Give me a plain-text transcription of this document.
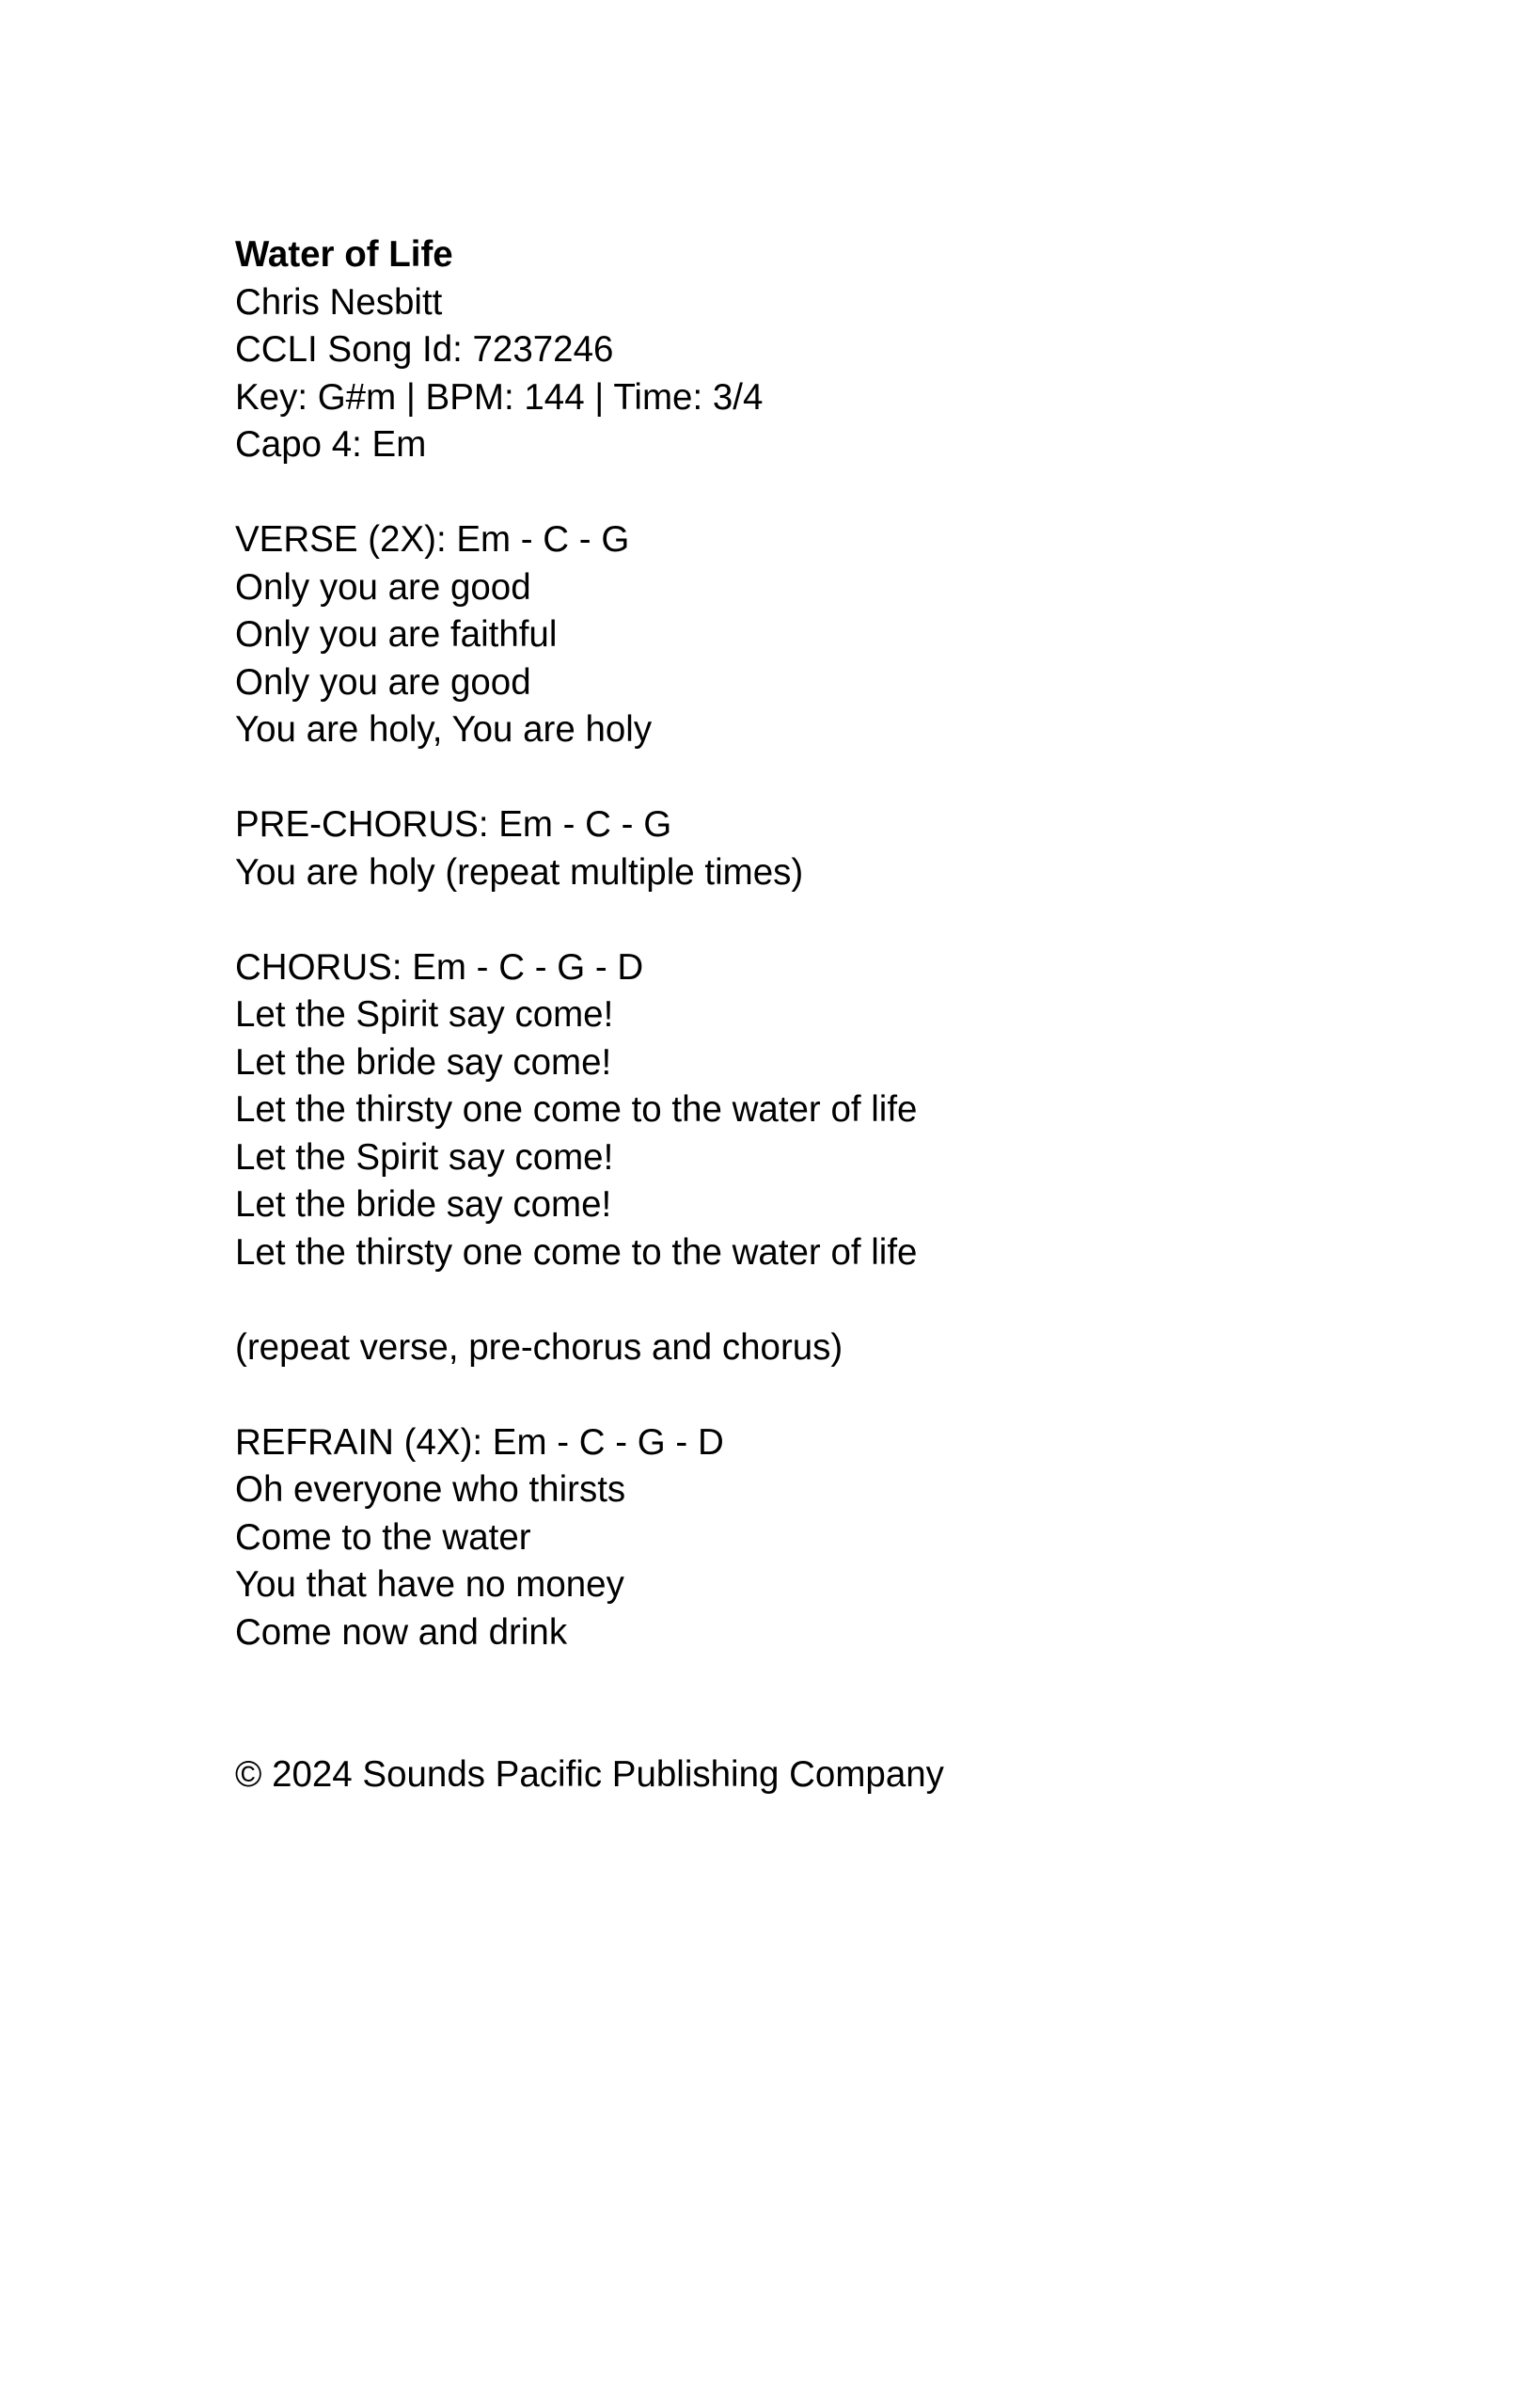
Water of Life

Chris Nesbitt

CCLI Song Id: 7237246

Key: G#m | BPM: 144 | Time: 3/4

Capo 4: Em

VERSE (2X): Em - C - G

Only you are good

Only you are faithful

Only you are good

You are holy, You are holy

PRE-CHORUS: Em - C - G

You are holy (repeat multiple times)

CHORUS: Em - C - G - D

Let the Spirit say come!

Let the bride say come!

Let the thirsty one come to the water of life

Let the Spirit say come!

Let the bride say come!

Let the thirsty one come to the water of life

(repeat verse, pre-chorus and chorus)

REFRAIN (4X): Em - C - G - D

Oh everyone who thirsts

Come to the water

You that have no money

Come now and drink

© 2024 Sounds Pacific Publishing Company
